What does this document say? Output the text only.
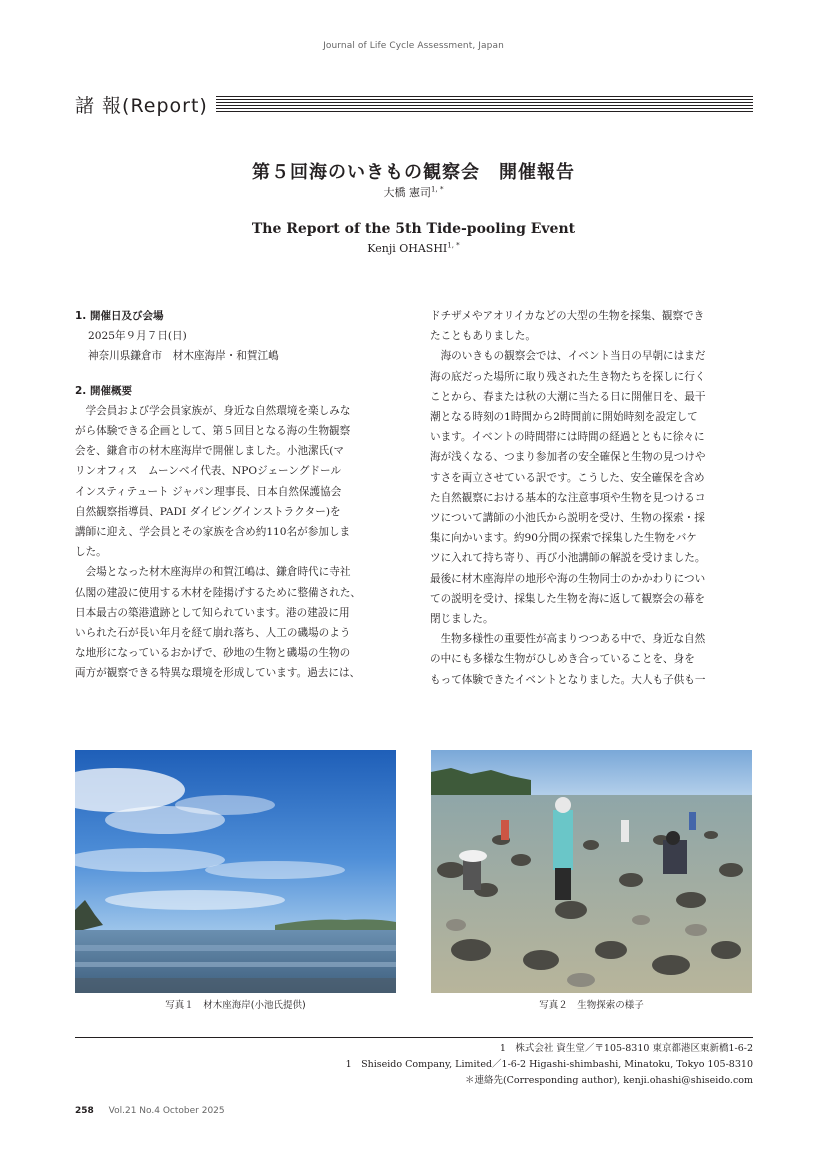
Journal of Life Cycle Assessment, Japan
諸 報(Report)
第５回海のいきもの観察会　開催報告
大橋 憲司$^{1, *}$
The Report of the 5th Tide-pooling Event
Kenji $OHASHI^{1, *}$
1. 開催日及び会場
2025年９月７日(日)
神奈川県鎌倉市　材木座海岸・和賀江嶋
2. 開催概要
学会員および学会員家族が、身近な自然環境を楽しみな
がら体験できる企画として、第５回目となる海の生物観察
会を、鎌倉市の材木座海岸で開催しました。小池潔氏(マ
リンオフィス　ムーンベイ代表、NPOジェーングドール
インスティテュート ジャパン理事長、日本自然保護協会
自然観察指導員、PADI ダイビングインストラクター)を
講師に迎え、学会員とその家族を含め約110名が参加しま
した。
会場となった材木座海岸の和賀江嶋は、鎌倉時代に寺社
仏閣の建設に使用する木材を陸揚げするために整備された、
日本最古の築港遺跡として知られています。港の建設に用
いられた石が長い年月を経て崩れ落ち、人工の磯場のよう
な地形になっているおかげで、砂地の生物と磯場の生物の
両方が観察できる特異な環境を形成しています。過去には、
ドチザメやアオリイカなどの大型の生物を採集、観察でき
たこともありました。
海のいきもの観察会では、イベント当日の早朝にはまだ
海の底だった場所に取り残された生き物たちを探しに行く
ことから、春または秋の大潮に当たる日に開催日を、最干
潮となる時刻の1時間から2時間前に開始時刻を設定して
います。イベントの時間帯には時間の経過とともに徐々に
海が浅くなる、つまり参加者の安全確保と生物の見つけや
すさを両立させている訳です。こうした、安全確保を含め
た自然観察における基本的な注意事項や生物を見つけるコ
ツについて講師の小池氏から説明を受け、生物の探索・採
集に向かいます。約90分間の探索で採集した生物をバケ
ツに入れて持ち寄り、再び小池講師の解説を受けました。
最後に材木座海岸の地形や海の生物同士のかかわりについ
ての説明を受け、採集した生物を海に返して観察会の幕を
閉じました。
生物多様性の重要性が高まりつつある中で、身近な自然
の中にも多様な生物がひしめき合っていることを、身を
もって体験できたイベントとなりました。大人も子供も一
写真１　材木座海岸(小池氏提供)	写真２　生物探索の様子
1　株式会社 資生堂／〒105-8310 東京都港区東新橋1-6-2
1　Shiseido Company, Limited／1-6-2 Higashi-shimbashi, Minatoku, Tokyo 105-8310
＊連絡先(Corresponding author), kenji.ohashi@shiseido.com
258 Vol.21 No.4 October 2025
